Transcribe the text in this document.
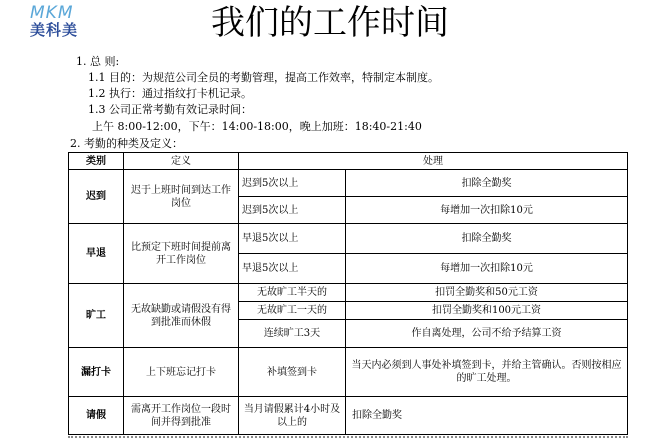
MKM
美科美	我们的工作时间
1. 总 则:
1.1 目的：为规范公司全员的考勤管理，提高工作效率，特制定本制度。
1.2 执行：通过指纹打卡机记录。
1.3 公司正常考勤有效记录时间：
上午 8:00-12:00，下午：14:00-18:00，晚上加班：18:40-21:40
2. 考勤的种类及定义：
类别	定义	处理	
迟到	迟于上班时间到达工作岗位	迟到5次以上	扣除全勤奖
		迟到5次以上	每增加一次扣除10元
早退	比预定下班时间提前离开工作岗位	早退5次以上	扣除全勤奖
		早退5次以上	每增加一次扣除10元
旷工	无故缺勤或请假没有得到批准而休假	无故旷工半天的	扣罚全勤奖和50元工资
		无故旷工一天的	扣罚全勤奖和100元工资
		连续旷工3天	作自离处理，公司不给予结算工资
漏打卡	上下班忘记打卡	补填签到卡	当天内必须到人事处补填签到卡，并给主管确认。否则按相应的旷工处理。
请假	需离开工作岗位一段时间并得到批准	当月请假累计4小时及以上的	扣除全勤奖
